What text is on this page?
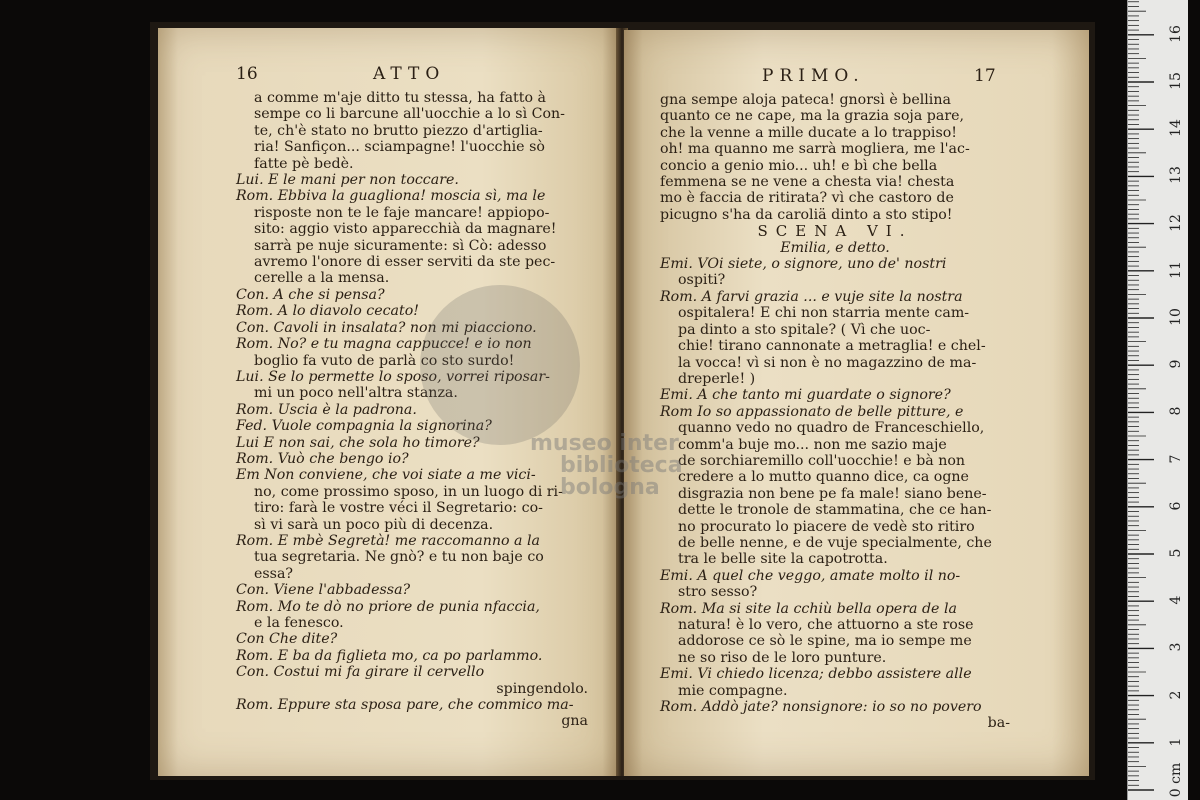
16	ATTO
a comme m'aje ditto tu stessa, ha fatto à
sempe co li barcune all'uocchie a lo sì Con-
te, ch'è stato no brutto piezzo d'artiglia-
ria! Sanfiçon... sciampagne! l'uocchie sò
fatte pè bedè.
Lui. E le mani per non toccare.
Rom. Ebbiva la guagliona! moscia sì, ma le
risposte non te le faje mancare! appiopo-
sito: aggio visto apparecchià da magnare!
sarrà pe nuje sicuramente: sì Cò: adesso
avremo l'onore di esser serviti da ste pec-
cerelle a la mensa.
Con. A che si pensa?
Rom. A lo diavolo cecato!
Con. Cavoli in insalata? non mi piacciono.
Rom. No? e tu magna cappucce! e io non
boglio fa vuto de parlà co sto surdo!
Lui. Se lo permette lo sposo, vorrei riposar-
mi un poco nell'altra stanza.
Rom. Uscia è la padrona.
Fed. Vuole compagnia la signorina?
Lui E non sai, che sola ho timore?
Rom. Vuò che bengo io?
Em Non conviene, che voi siate a me vici-
no, come prossimo sposo, in un luogo di ri-
tiro: farà le vostre véci il Segretario: co-
sì vi sarà un poco più di decenza.
Rom. E mbè Segretà! me raccomanno a la
tua segretaria. Ne gnò? e tu non baje co
essa?
Con. Viene l'abbadessa?
Rom. Mo te dò no priore de punia nfaccia,
e la fenesco.
Con Che dite?
Rom. E ba da figlieta mo, ca po parlammo.
Con. Costui mi fa girare il cervello
spingendolo.
Rom. Eppure sta sposa pare, che commico ma-
gna
PRIMO.	17
gna sempe aloja pateca! gnorsì è bellina
quanto ce ne cape, ma la grazia soja pare,
che la venne a mille ducate a lo trappiso!
oh! ma quanno me sarrà mogliera, me l'ac-
concio a genio mio... uh! e bì che bella
femmena se ne vene a chesta via! chesta
mo è faccia de ritirata? vì che castoro de
picugno s'ha da caroliä dinto a sto stipo!
SCENA VI.
Emilia, e detto.
Emi. VOi siete, o signore, uno de' nostri
ospiti?
Rom. A farvi grazia ... e vuje site la nostra
ospitalera! E chi non starria mente cam-
pa dinto a sto spitale? ( Vì che uoc-
chie! tirano cannonate a metraglia! e chel-
la vocca! vì si non è no magazzino de ma-
dreperle! )
Emi. A che tanto mi guardate o signore?
Rom Io so appassionato de belle pitture, e
quanno vedo no quadro de Franceschiello,
comm'a buje mo... non me sazio maje
de sorchiaremillo coll'uocchie! e bà non
credere a lo mutto quanno dice, ca ogne
disgrazia non bene pe fa male! siano bene-
dette le tronole de stammatina, che ce han-
no procurato lo piacere de vedè sto ritiro
de belle nenne, e de vuje specialmente, che
tra le belle site la capotrotta.
Emi. A quel che veggo, amate molto il no-
stro sesso?
Rom. Ma si site la cchiù bella opera de la
natura! è lo vero, che attuorno a ste rose
addorose ce sò le spine, ma io sempe me
ne so riso de le loro punture.
Emi. Vi chiedo licenza; debbo assistere alle
mie compagne.
Rom. Addò jate? nonsignore: io so no povero
ba-
museo inter
biblioteca
bologna
0 cm
1
2
3
4
5
6
7
8
9
10
11
12
13
14
15
16
